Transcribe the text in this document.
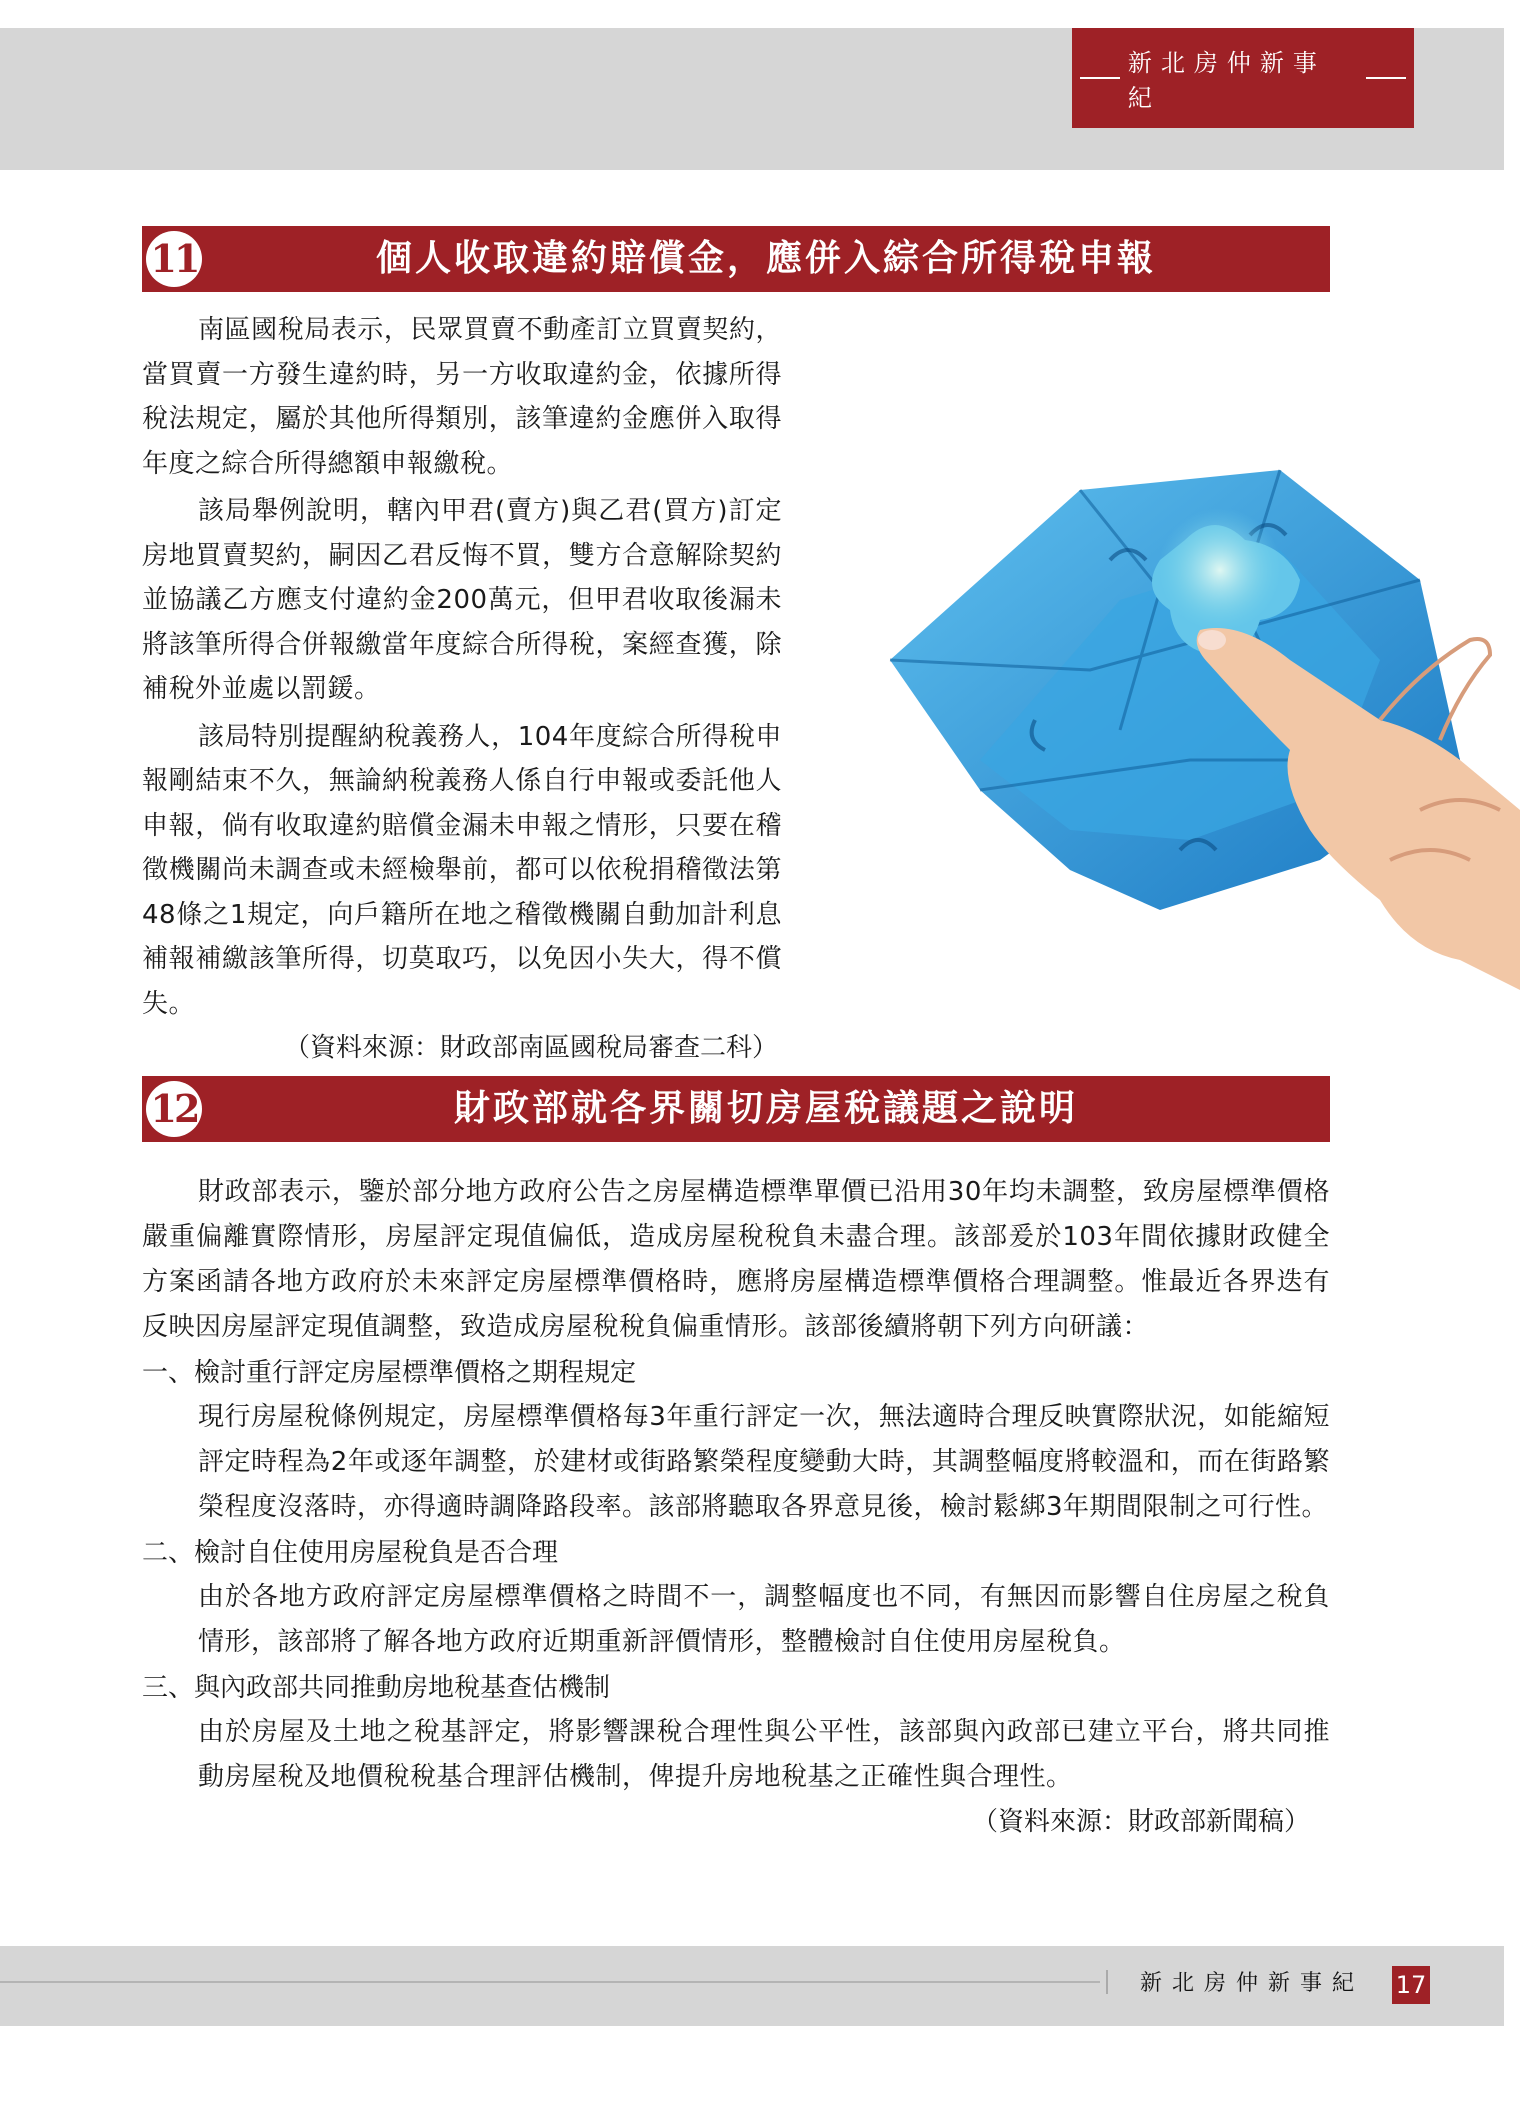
新北房仲新事紀
11	個人收取違約賠償金，應併入綜合所得稅申報

南區國稅局表示，民眾買賣不動產訂立買賣契約，當買賣一方發生違約時，另一方收取違約金，依據所得稅法規定，屬於其他所得類別，該筆違約金應併入取得年度之綜合所得總額申報繳稅。

該局舉例說明，轄內甲君(賣方)與乙君(買方)訂定房地買賣契約，嗣因乙君反悔不買，雙方合意解除契約並協議乙方應支付違約金200萬元，但甲君收取後漏未將該筆所得合併報繳當年度綜合所得稅，案經查獲，除補稅外並處以罰鍰。

該局特別提醒納稅義務人，104年度綜合所得稅申報剛結束不久，無論納稅義務人係自行申報或委託他人申報，倘有收取違約賠償金漏未申報之情形，只要在稽徵機關尚未調查或未經檢舉前，都可以依稅捐稽徵法第48條之1規定，向戶籍所在地之稽徵機關自動加計利息補報補繳該筆所得，切莫取巧，以免因小失大，得不償失。

（資料來源：財政部南區國稅局審查二科）
12	財政部就各界關切房屋稅議題之說明

財政部表示，鑒於部分地方政府公告之房屋構造標準單價已沿用30年均未調整，致房屋標準價格嚴重偏離實際情形，房屋評定現值偏低，造成房屋稅稅負未盡合理。該部爰於103年間依據財政健全方案函請各地方政府於未來評定房屋標準價格時，應將房屋構造標準價格合理調整。惟最近各界迭有反映因房屋評定現值調整，致造成房屋稅稅負偏重情形。該部後續將朝下列方向研議：

一、檢討重行評定房屋標準價格之期程規定
現行房屋稅條例規定，房屋標準價格每3年重行評定一次，無法適時合理反映實際狀況，如能縮短評定時程為2年或逐年調整，於建材或街路繁榮程度變動大時，其調整幅度將較溫和，而在街路繁榮程度沒落時，亦得適時調降路段率。該部將聽取各界意見後，檢討鬆綁3年期間限制之可行性。
二、檢討自住使用房屋稅負是否合理
由於各地方政府評定房屋標準價格之時間不一，調整幅度也不同，有無因而影響自住房屋之稅負情形，該部將了解各地方政府近期重新評價情形，整體檢討自住使用房屋稅負。
三、與內政部共同推動房地稅基查估機制
由於房屋及土地之稅基評定，將影響課稅合理性與公平性，該部與內政部已建立平台，將共同推動房屋稅及地價稅稅基合理評估機制，俾提升房地稅基之正確性與合理性。
（資料來源：財政部新聞稿）
新北房仲新事紀 17
